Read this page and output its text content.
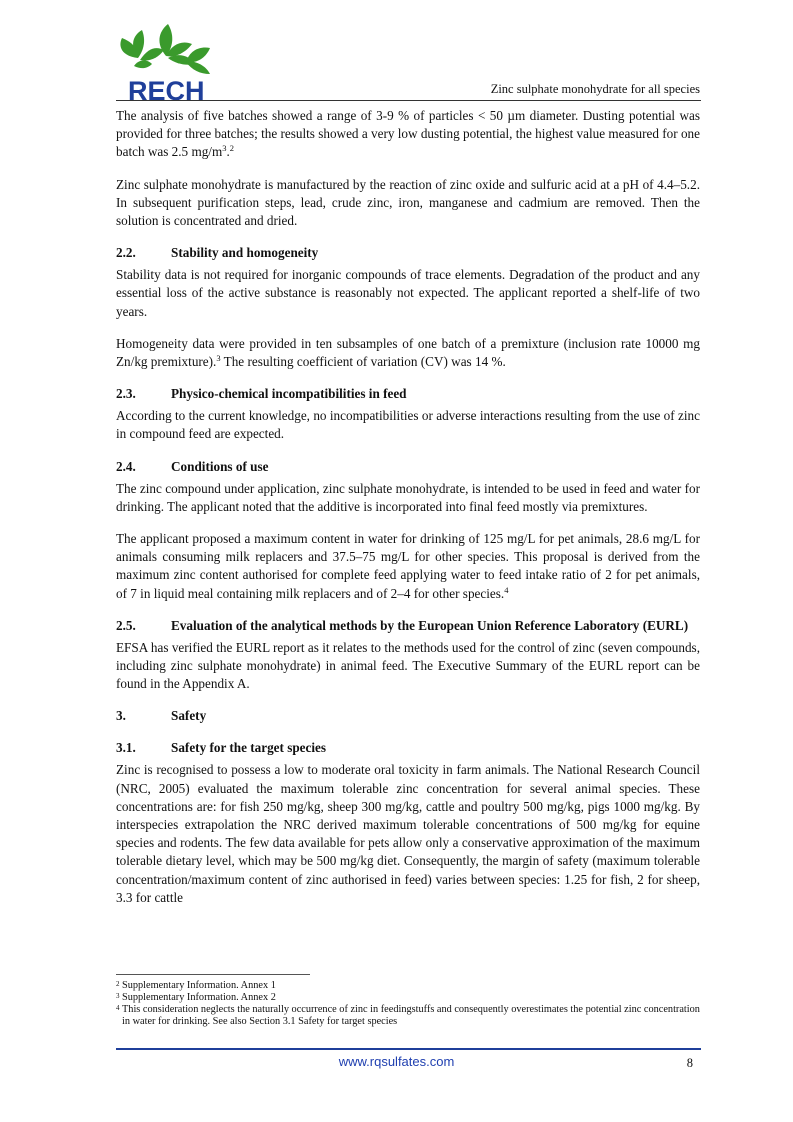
RECH	Zinc sulphate monohydrate for all species

The analysis of five batches showed a range of 3-9 % of particles < 50 µm diameter. Dusting potential was provided for three batches; the results showed a very low dusting potential, the highest value measured for one batch was 2.5 $mg/m^3.^2$

Zinc sulphate monohydrate is manufactured by the reaction of zinc oxide and sulfuric acid at a pH of 4.4–5.2. In subsequent purification steps, lead, crude zinc, iron, manganese and cadmium are removed. Then the solution is concentrated and dried.

2.2.	Stability and homogeneity

Stability data is not required for inorganic compounds of trace elements. Degradation of the product and any essential loss of the active substance is reasonably not expected. The applicant reported a shelf-life of two years.

Homogeneity data were provided in ten subsamples of one batch of a premixture (inclusion rate 10000 mg Zn/kg premixture).$^3$ The resulting coefficient of variation (CV) was 14 %.

2.3.	Physico-chemical incompatibilities in feed

According to the current knowledge, no incompatibilities or adverse interactions resulting from the use of zinc in compound feed are expected.

2.4.	Conditions of use

The zinc compound under application, zinc sulphate monohydrate, is intended to be used in feed and water for drinking. The applicant noted that the additive is incorporated into final feed mostly via premixtures.

The applicant proposed a maximum content in water for drinking of 125 mg/L for pet animals, 28.6 mg/L for animals consuming milk replacers and 37.5–75 mg/L for other species. This proposal is derived from the maximum zinc content authorised for complete feed applying water to feed intake ratio of 2 for pet animals, of 7 in liquid meal containing milk replacers and of 2–4 for other species.$^4$

2.5.	Evaluation of the analytical methods by the European Union Reference Laboratory (EURL)

EFSA has verified the EURL report as it relates to the methods used for the control of zinc (seven compounds, including zinc sulphate monohydrate) in animal feed. The Executive Summary of the EURL report can be found in the Appendix A.

3.	Safety
3.1.	Safety for the target species

Zinc is recognised to possess a low to moderate oral toxicity in farm animals. The National Research Council (NRC, 2005) evaluated the maximum tolerable zinc concentration for several animal species. These concentrations are: for fish 250 mg/kg, sheep 300 mg/kg, cattle and poultry 500 mg/kg, pigs 1000 mg/kg. By interspecies extrapolation the NRC derived maximum tolerable concentrations of 500 mg/kg for equine species and rodents. The few data available for pets allow only a conservative approximation of the maximum tolerable dietary level, which may be 500 mg/kg diet. Consequently, the margin of safety (maximum tolerable concentration/maximum content of zinc authorised in feed) varies between species: 1.25 for fish, 2 for sheep, 3.3 for cattle

2 Supplementary Information. Annex 1
3 Supplementary Information. Annex 2
4 This consideration neglects the naturally occurrence of zinc in feedingstuffs and consequently overestimates the potential zinc concentration in water for drinking. See also Section 3.1 Safety for target species
www.rqsulfates.com	8
